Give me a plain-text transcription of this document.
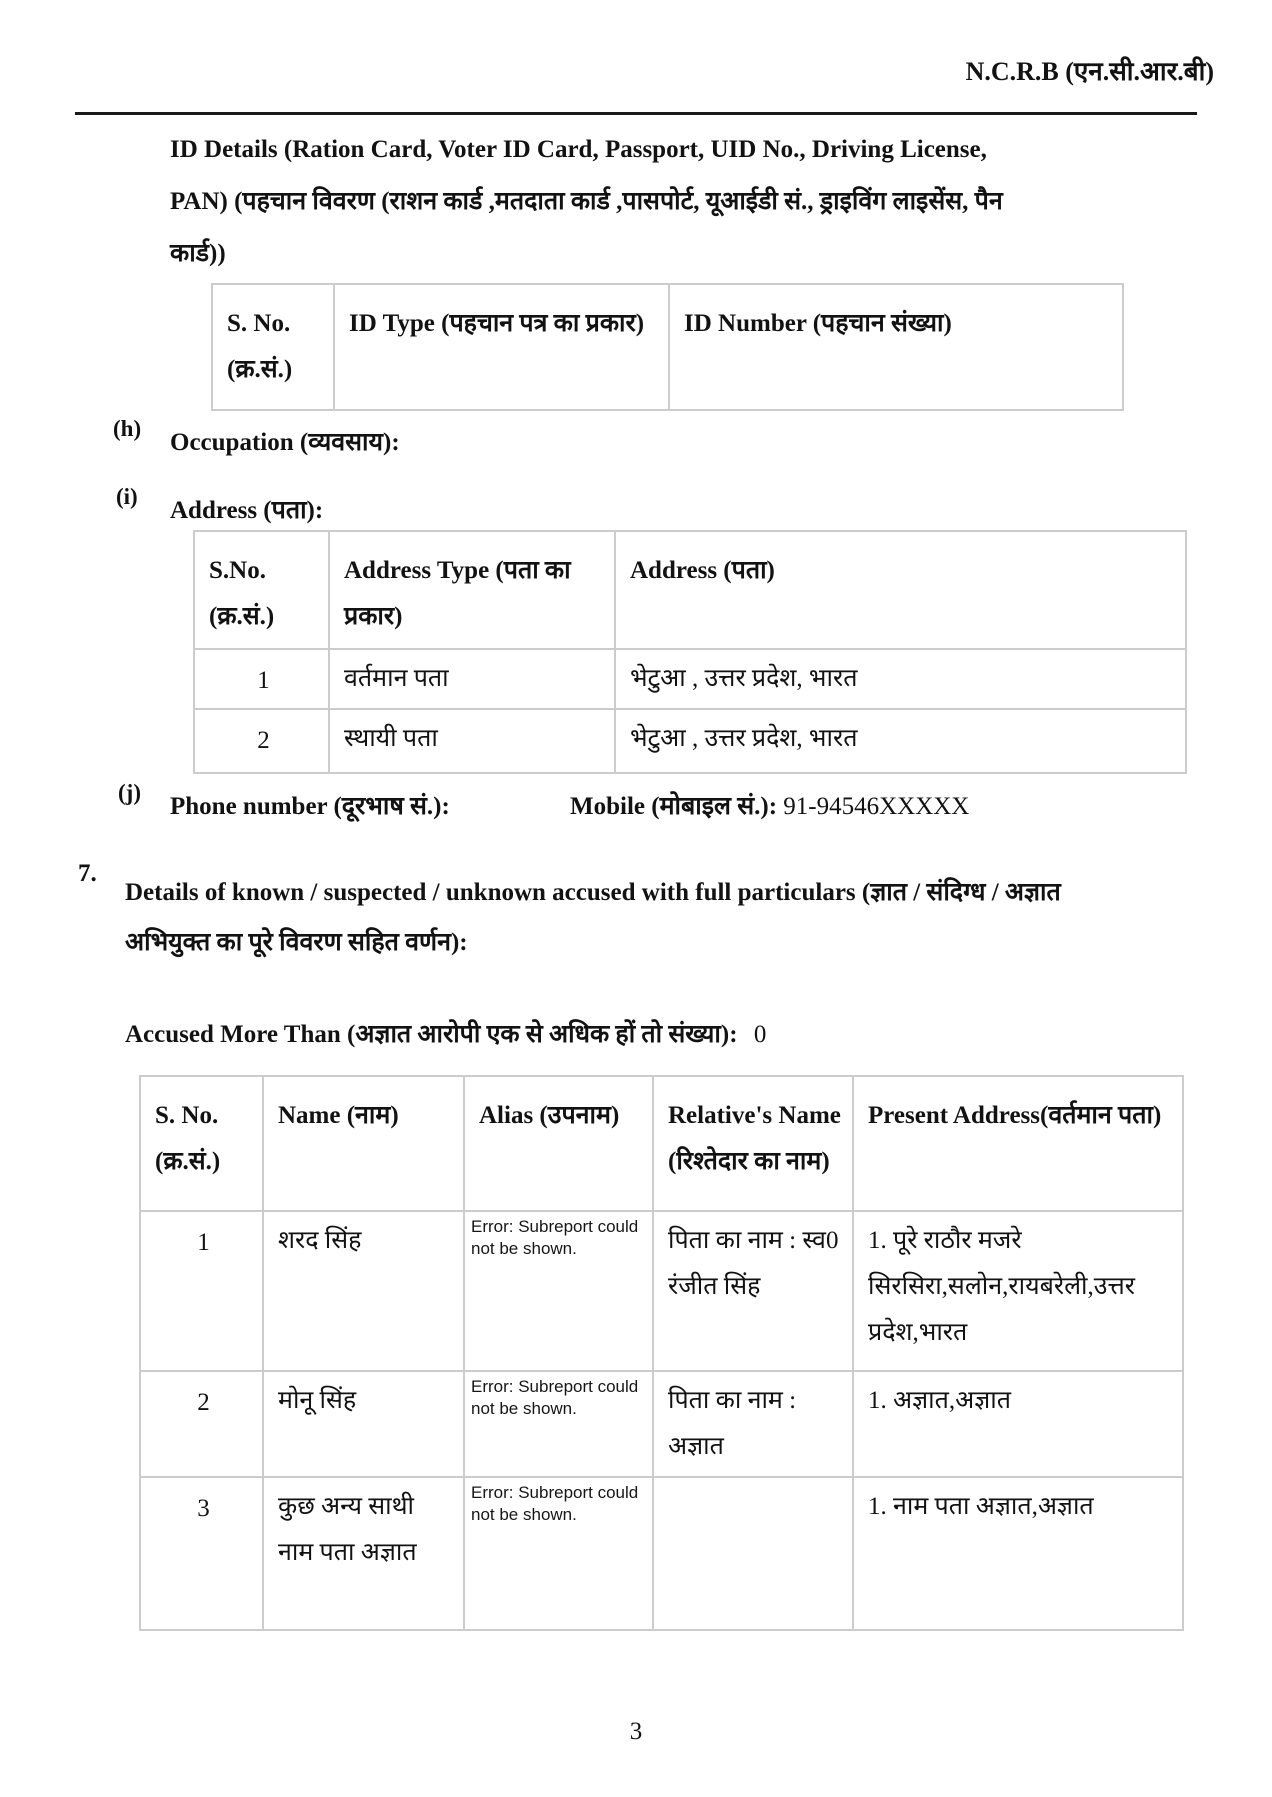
N.C.R.B (एन.सी.आर.बी)
ID Details (Ration Card, Voter ID Card, Passport, UID No., Driving License, PAN) (पहचान विवरण (राशन कार्ड ,मतदाता कार्ड ,पासपोर्ट, यूआईडी सं., ड्राइविंग लाइसेंस, पैन कार्ड))
S. No. (क्र.सं.)	ID Type (पहचान पत्र का प्रकार)	ID Number (पहचान संख्या)
(h)
Occupation (व्यवसाय):
(i)
Address (पता):
S.No. (क्र.सं.)	Address Type (पता का प्रकार)	Address (पता)
1	वर्तमान पता	भेटुआ , उत्तर प्रदेश, भारत
2	स्थायी पता	भेटुआ , उत्तर प्रदेश, भारत
(j)
Phone number (दूरभाष सं.):	Mobile (मोबाइल सं.): 91-94546XXXXX
7.
Details of known / suspected / unknown accused with full particulars (ज्ञात / संदिग्ध / अज्ञात अभियुक्त का पूरे विवरण सहित वर्णन):
Accused More Than (अज्ञात आरोपी एक से अधिक हों तो संख्या): 0
S. No. (क्र.सं.)	Name (नाम)	Alias (उपनाम)	Relative's Name (रिश्तेदार का नाम)	Present Address(वर्तमान पता)
1	शरद सिंह	Error: Subreport could not be shown.	पिता का नाम : स्व0 रंजीत सिंह	1. पूरे राठौर मजरे सिरसिरा,सलोन,रायबरेली,उत्तर प्रदेश,भारत
2	मोनू सिंह	Error: Subreport could not be shown.	पिता का नाम : अज्ञात	1. अज्ञात,अज्ञात
3	कुछ अन्य साथी नाम पता अज्ञात	Error: Subreport could not be shown.		1. नाम पता अज्ञात,अज्ञात
3
